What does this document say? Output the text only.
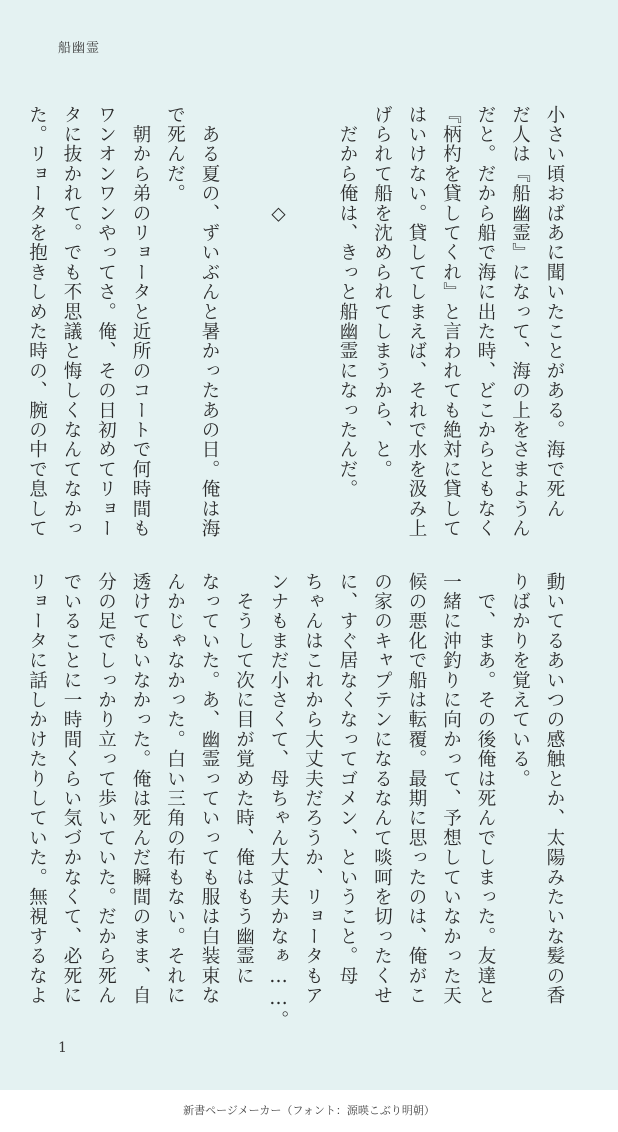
船幽霊
小さい頃おばあに聞いたことがある。海で死ん
だ人は『船幽霊』になって、海の上をさまようん
だと。だから船で海に出た時、どこからともなく
『柄杓を貸してくれ』と言われても絶対に貸して
はいけない。貸してしまえば、それで水を汲み上
げられて船を沈められてしまうから、と。
　だから俺は、きっと船幽霊になったんだ。

　　　　　◇

　ある夏の、ずいぶんと暑かったあの日。俺は海
で死んだ。
　朝から弟のリョータと近所のコートで何時間も
ワンオンワンやってさ。俺、その日初めてリョー
タに抜かれて。でも不思議と悔しくなんてなかっ
た。リョータを抱きしめた時の、腕の中で息して
動いてるあいつの感触とか、太陽みたいな髪の香
りばかりを覚えている。
　で、まあ。その後俺は死んでしまった。友達と
一緒に沖釣りに向かって、予想していなかった天
候の悪化で船は転覆。最期に思ったのは、俺がこ
の家のキャプテンになるなんて啖呵を切ったくせ
に、すぐ居なくなってゴメン、ということ。母
ちゃんはこれから大丈夫だろうか、リョータもア
ンナもまだ小さくて、母ちゃん大丈夫かなぁ……。
　そうして次に目が覚めた時、俺はもう幽霊に
なっていた。あ、幽霊っていっても服は白装束な
んかじゃなかった。白い三角の布もない。それに
透けてもいなかった。俺は死んだ瞬間のまま、自
分の足でしっかり立って歩いていた。だから死ん
でいることに一時間くらい気づかなくて、必死に
リョータに話しかけたりしていた。無視するなよ
1
新書ページメーカー（フォント：源暎こぶり明朝）
